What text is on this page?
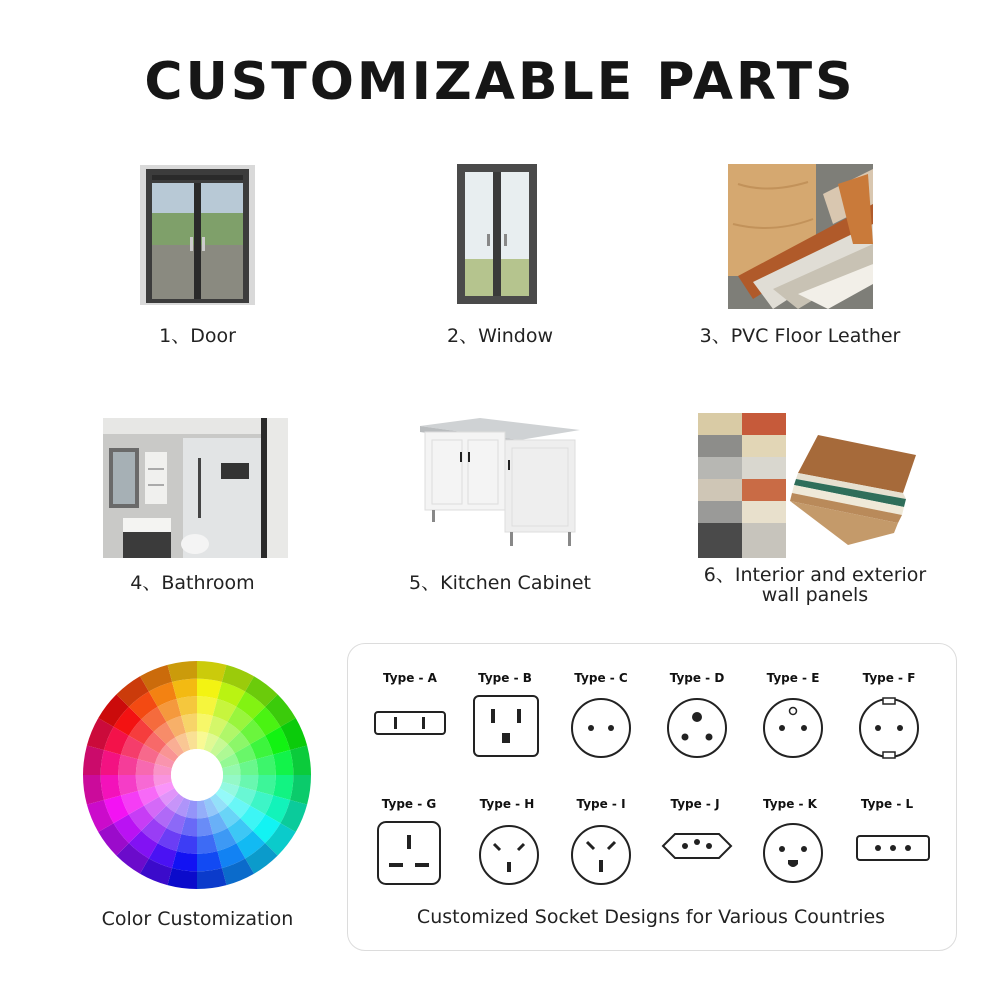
CUSTOMIZABLE PARTS
1、Door	2、Window	3、PVC Floor Leather
4、Bathroom	5、Kitchen Cabinet	6、Interior and exterior
wall panels
Color Customization
Type - A	Type - B	Type - C	Type - D	Type - E	Type - F
Type - G	Type - H	Type - I	Type - J	Type - K	Type - L
Customized Socket Designs for Various Countries
